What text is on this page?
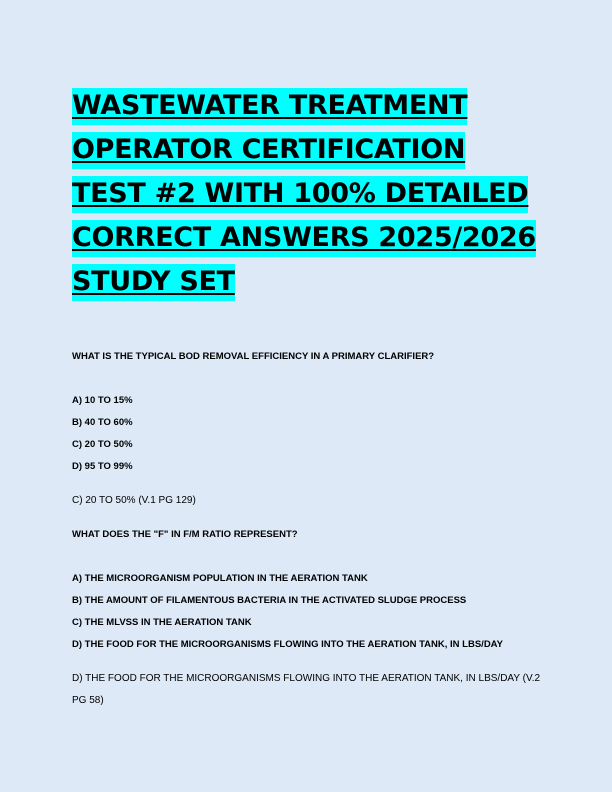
WASTEWATER TREATMENT
OPERATOR CERTIFICATION
TEST #2 WITH 100% DETAILED
CORRECT ANSWERS 2025/2026
STUDY SET

WHAT IS THE TYPICAL BOD REMOVAL EFFICIENCY IN A PRIMARY CLARIFIER?

A) 10 TO 15%

B) 40 TO 60%

C) 20 TO 50%

D) 95 TO 99%

C) 20 TO 50% (V.1 PG 129)

WHAT DOES THE "F" IN F/M RATIO REPRESENT?

A) THE MICROORGANISM POPULATION IN THE AERATION TANK

B) THE AMOUNT OF FILAMENTOUS BACTERIA IN THE ACTIVATED SLUDGE PROCESS

C) THE MLVSS IN THE AERATION TANK

D) THE FOOD FOR THE MICROORGANISMS FLOWING INTO THE AERATION TANK, IN LBS/DAY

D) THE FOOD FOR THE MICROORGANISMS FLOWING INTO THE AERATION TANK, IN LBS/DAY (V.2 PG 58)
